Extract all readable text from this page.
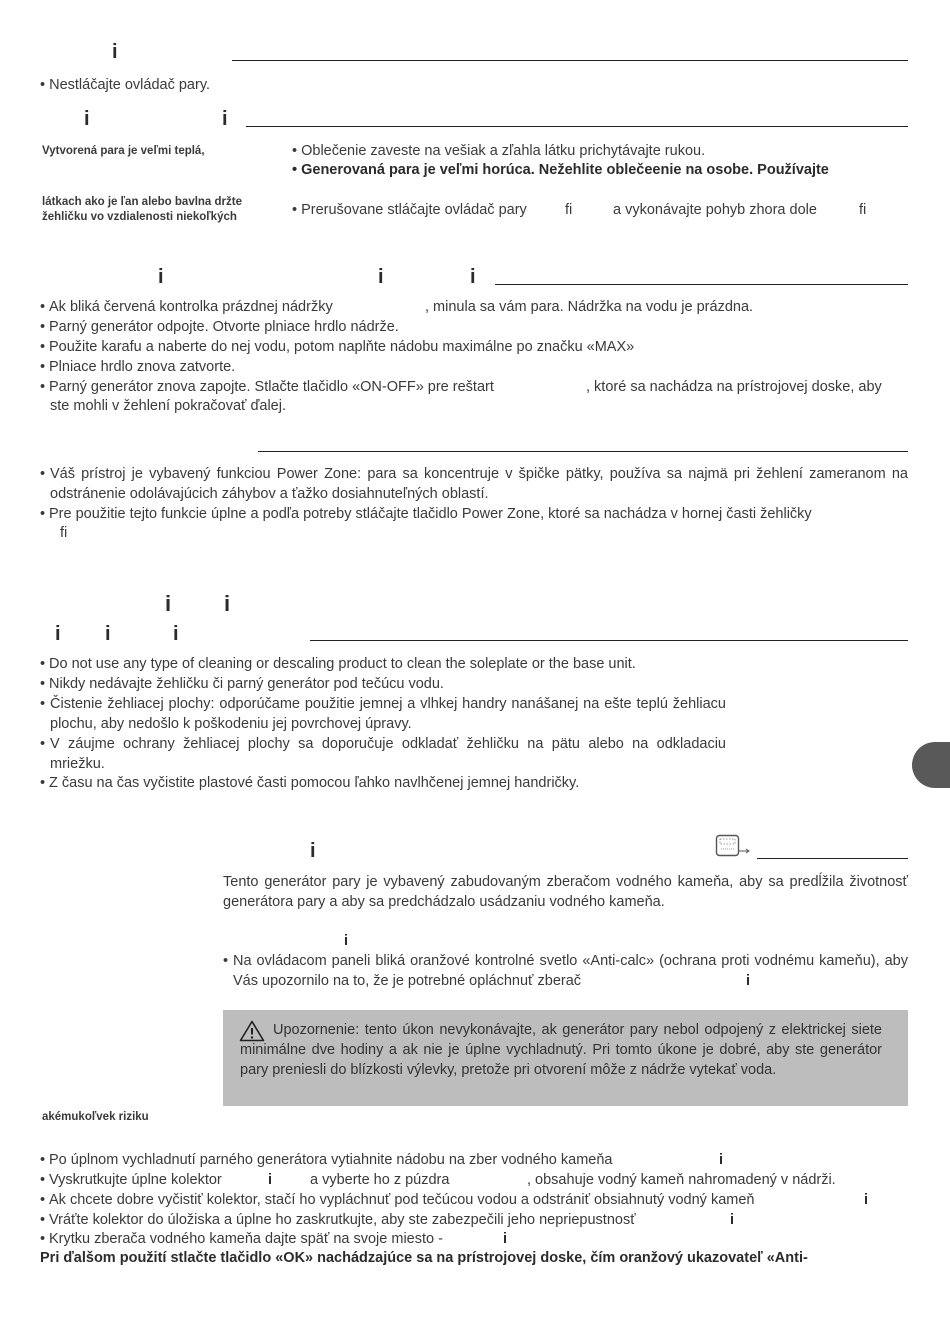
i
• Nestláčajte ovládač pary.
i	i
Vytvorená para je veľmi teplá,	• Oblečenie zaveste na vešiak a zľahla látku prichytávajte rukou.
• Generovaná para je veľmi horúca. Nežehlite oblečeenie na osobe. Používajte
látkach ako je ľan alebo bavlna držte žehličku vo vzdialenosti niekoľkých	• Prerušovane stláčajte ovládač pary	ﬁ	a vykonávajte pohyb zhora dole	ﬁ
i	i	i
• Ak bliká červená kontrolka prázdnej nádržky	, minula sa vám para. Nádržka na vodu je prázdna.
• Parný generátor odpojte. Otvorte plniace hrdlo nádrže.
• Použite karafu a naberte do nej vodu, potom naplňte nádobu maximálne po značku «MAX»
• Plniace hrdlo znova zatvorte.
• Parný generátor znova zapojte. Stlačte tlačidlo «ON-OFF» pre reštart	, ktoré sa nachádza na prístrojovej doske, aby
ste mohli v žehlení pokračovať ďalej.
• Váš prístroj je vybavený funkciou Power Zone: para sa koncentruje v špičke pätky, používa sa najmä pri žehlení zameranom na odstránenie odolávajúcich záhybov a ťažko dosiahnuteľných oblastí.
• Pre použitie tejto funkcie úplne a podľa potreby stláčajte tlačidlo Power Zone, ktoré sa nachádza v hornej časti žehličky
ﬁ
i i
i i	i
• Do not use any type of cleaning or descaling product to clean the soleplate or the base unit.
• Nikdy nedávajte žehličku či parný generátor pod tečúcu vodu.
• Čistenie žehliacej plochy: odporúčame použitie jemnej a vlhkej handry nanášanej na ešte teplú žehliacu plochu, aby nedošlo k poškodeniu jej povrchovej úpravy.
• V záujme ochrany žehliacej plochy sa doporučuje odkladať žehličku na pätu alebo na odkladaciu mriežku.
• Z času na čas vyčistite plastové časti pomocou ľahko navlhčenej jemnej handričky.
i
Tento generátor pary je vybavený zabudovaným zberačom vodného kameňa, aby sa predĺžila životnosť generátora pary a aby sa predchádzalo usádzaniu vodného kameňa.
i
• Na ovládacom paneli bliká oranžové kontrolné svetlo «Anti-calc» (ochrana proti vodnému kameňu), aby Vás upozornilo na to, že je potrebné opláchnuť zberač	i
Upozornenie: tento úkon nevykonávajte, ak generátor pary nebol odpojený z elektrickej siete minimálne dve hodiny a ak nie je úplne vychladnutý. Pri tomto úkone je dobré, aby ste generátor pary preniesli do blízkosti výlevky, pretože pri otvorení môže z nádrže vytekať voda.
akémukoľvek riziku
• Po úplnom vychladnutí parného generátora vytiahnite nádobu na zber vodného kameňa	i
• Vyskrutkujte úplne kolektor	i	a vyberte ho z púzdra	, obsahuje vodný kameň nahromadený v nádrži.
• Ak chcete dobre vyčistiť kolektor, stačí ho vypláchnuť pod tečúcou vodou a odstrániť obsiahnutý vodný kameň	i
• Vráťte kolektor do úložiska a úplne ho zaskrutkujte, aby ste zabezpečili jeho nepriepustnosť	i
• Krytku zberača vodného kameňa dajte späť na svoje miesto -	i
Pri ďalšom použití stlačte tlačidlo «OK» nachádzajúce sa na prístrojovej doske, čím oranžový ukazovateľ «Anti-
